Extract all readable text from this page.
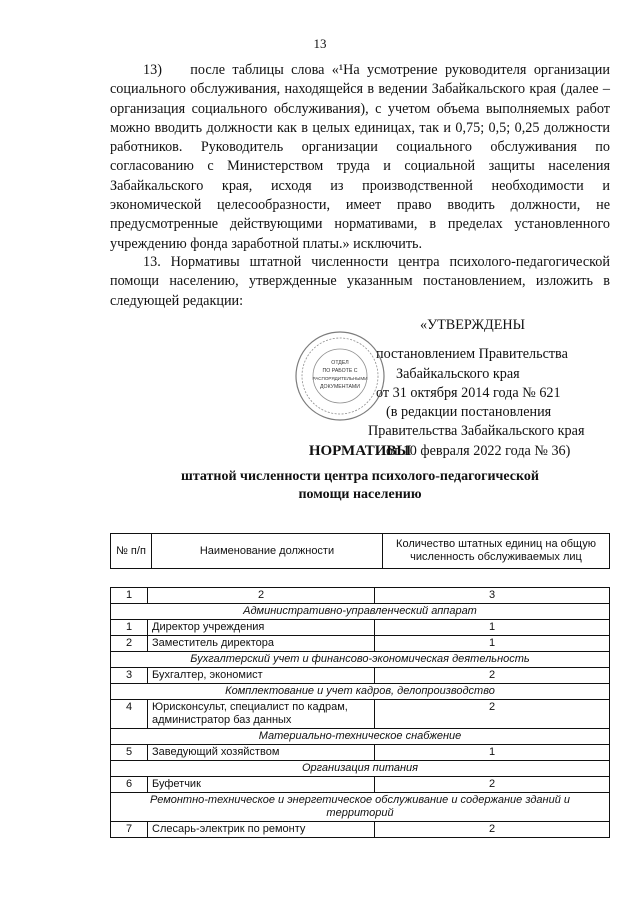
13
13)  после таблицы слова «¹На усмотрение руководителя организации социального обслуживания, находящейся в ведении Забайкальского края (далее – организация социального обслуживания), с учетом объема выполняемых работ можно вводить должности как в целых единицах, так и 0,75; 0,5; 0,25 должности работников. Руководитель организации социального обслуживания по согласованию с Министерством труда и социальной защиты населения Забайкальского края, исходя из производственной необходимости и экономической целесообразности, имеет право вводить должности, не предусмотренные действующими нормативами, в пределах установленного учреждению фонда заработной платы.» исключить.
13. Нормативы штатной численности центра психолого-педагогической помощи населению, утвержденные указанным постановлением, изложить в следующей редакции:
«УТВЕРЖДЕНЫ
постановлением Правительства
Забайкальского края
от 31 октября 2014 года № 621
(в редакции постановления
Правительства Забайкальского края
от 10 февраля 2022 года № 36)
ОТДЕЛ
ПО РАБОТЕ С
РАСПОРЯДИТЕЛЬНЫМИ
ДОКУМЕНТАМИ
НОРМАТИВЫ
штатной численности центра психолого-педагогической
помощи населению
№ п/п	Наименование должности	Количество штатных единиц на общую численность обслуживаемых лиц
1	2	3
Административно-управленческий аппарат		
1	Директор учреждения	1
2	Заместитель директора	1
Бухгалтерский учет и финансово-экономическая деятельность		
3	Бухгалтер, экономист	2
Комплектование и учет кадров, делопроизводство		
4	Юрисконсульт, специалист по кадрам, администратор баз данных	2
Материально-техническое снабжение		
5	Заведующий хозяйством	1
Организация питания		
6	Буфетчик	2
Ремонтно-техническое и энергетическое обслуживание и содержание зданий и территорий		
7	Слесарь-электрик по ремонту	2
